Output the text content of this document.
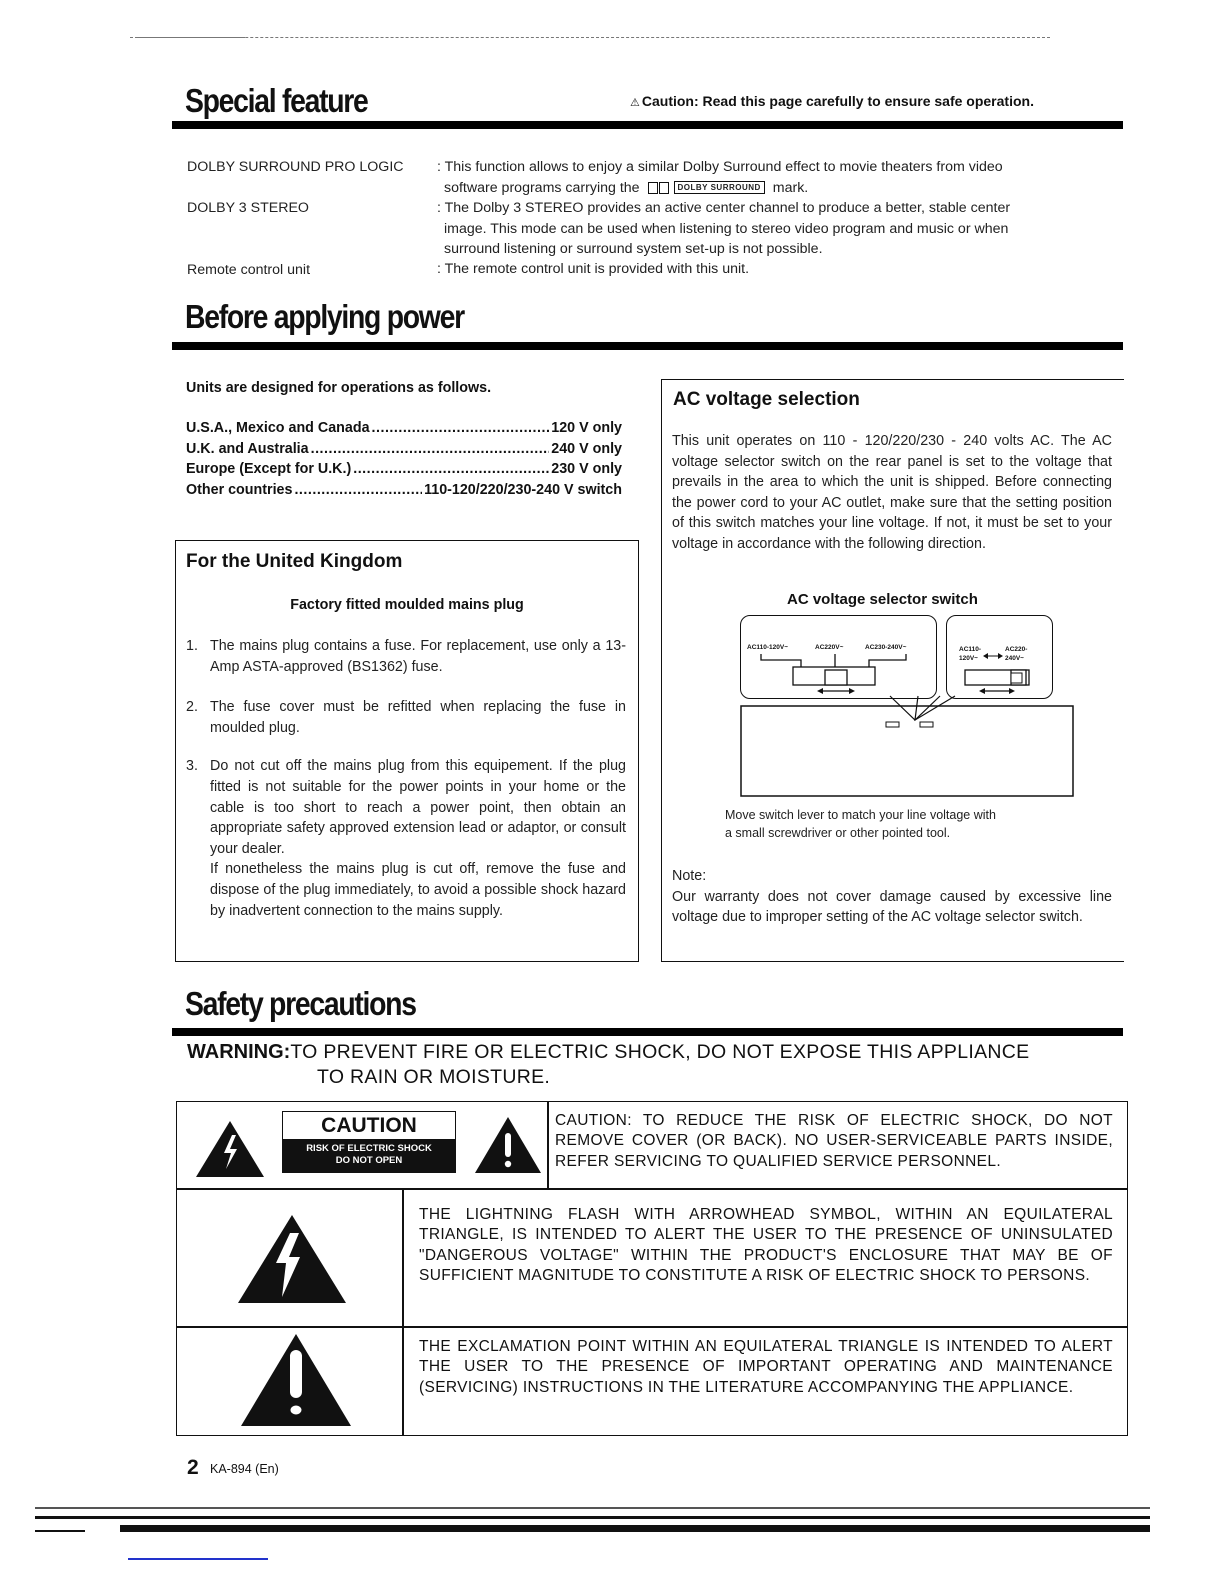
Special feature	⚠ Caution: Read this page carefully to ensure safe operation.
DOLBY SURROUND PRO LOGIC : This function allows to enjoy a similar Dolby Surround effect to movie theaters from video
software programs carrying the	DOLBY SURROUND mark.
DOLBY 3 STEREO	: The Dolby 3 STEREO provides an active center channel to produce a better, stable center
image. This mode can be used when listening to stereo video program and music or when
surround listening or surround system set-up is not possible.
Remote control unit	: The remote control unit is provided with this unit.
Before applying power
Units are designed for operations as follows.
U.S.A., Mexico and Canada .....	120 V only
U.K. and Australia .....	240 V only
Europe (Except for U.K.) .....	230 V only
Other countries .....	110-120/220/230-240 V switch
For the United Kingdom
Factory fitted moulded mains plug
1. The mains plug contains a fuse. For replacement, use only a 13-Amp ASTA-approved (BS1362) fuse.
2. The fuse cover must be refitted when replacing the fuse in moulded plug.
3. Do not cut off the mains plug from this equipement. If the plug fitted is not suitable for the power points in your home or the cable is too short to reach a power point, then obtain an appropriate safety approved extension lead or adaptor, or consult your dealer.
If nonetheless the mains plug is cut off, remove the fuse and dispose of the plug immediately, to avoid a possible shock hazard by inadvertent connection to the mains supply.
AC voltage selection
This unit operates on 110 - 120/220/230 - 240 volts AC. The AC voltage selector switch on the rear panel is set to the voltage that prevails in the area to which the unit is shipped. Before connecting the power cord to your AC outlet, make sure that the setting position of this switch matches your line voltage. If not, it must be set to your voltage in accordance with the following direction.
AC voltage selector switch
AC110-120V~	AC220V~	AC230-240V~	AC110-
120V~
AC220-
240V~
Move switch lever to match your line voltage with
a small screwdriver or other pointed tool.
Note:
Our warranty does not cover damage caused by excessive line voltage due to improper setting of the AC voltage selector switch.
Safety precautions
WARNING:TO PREVENT FIRE OR ELECTRIC SHOCK, DO NOT EXPOSE THIS APPLIANCE
TO RAIN OR MOISTURE.
CAUTION
RISK OF ELECTRIC SHOCK
DO NOT OPEN
CAUTION: TO REDUCE THE RISK OF ELECTRIC SHOCK, DO NOT REMOVE COVER (OR BACK). NO USER-SERVICEABLE PARTS INSIDE, REFER SERVICING TO QUALIFIED SERVICE PERSONNEL.
THE LIGHTNING FLASH WITH ARROWHEAD SYMBOL, WITHIN AN EQUILATERAL TRIANGLE, IS INTENDED TO ALERT THE USER TO THE PRESENCE OF UNINSULATED "DANGEROUS VOLTAGE" WITHIN THE PRODUCT'S ENCLOSURE THAT MAY BE OF SUFFICIENT MAGNITUDE TO CONSTITUTE A RISK OF ELECTRIC SHOCK TO PERSONS.
THE EXCLAMATION POINT WITHIN AN EQUILATERAL TRIANGLE IS INTENDED TO ALERT THE USER TO THE PRESENCE OF IMPORTANT OPERATING AND MAINTENANCE (SERVICING) INSTRUCTIONS IN THE LITERATURE ACCOMPANYING THE APPLIANCE.
2 KA-894 (En)
